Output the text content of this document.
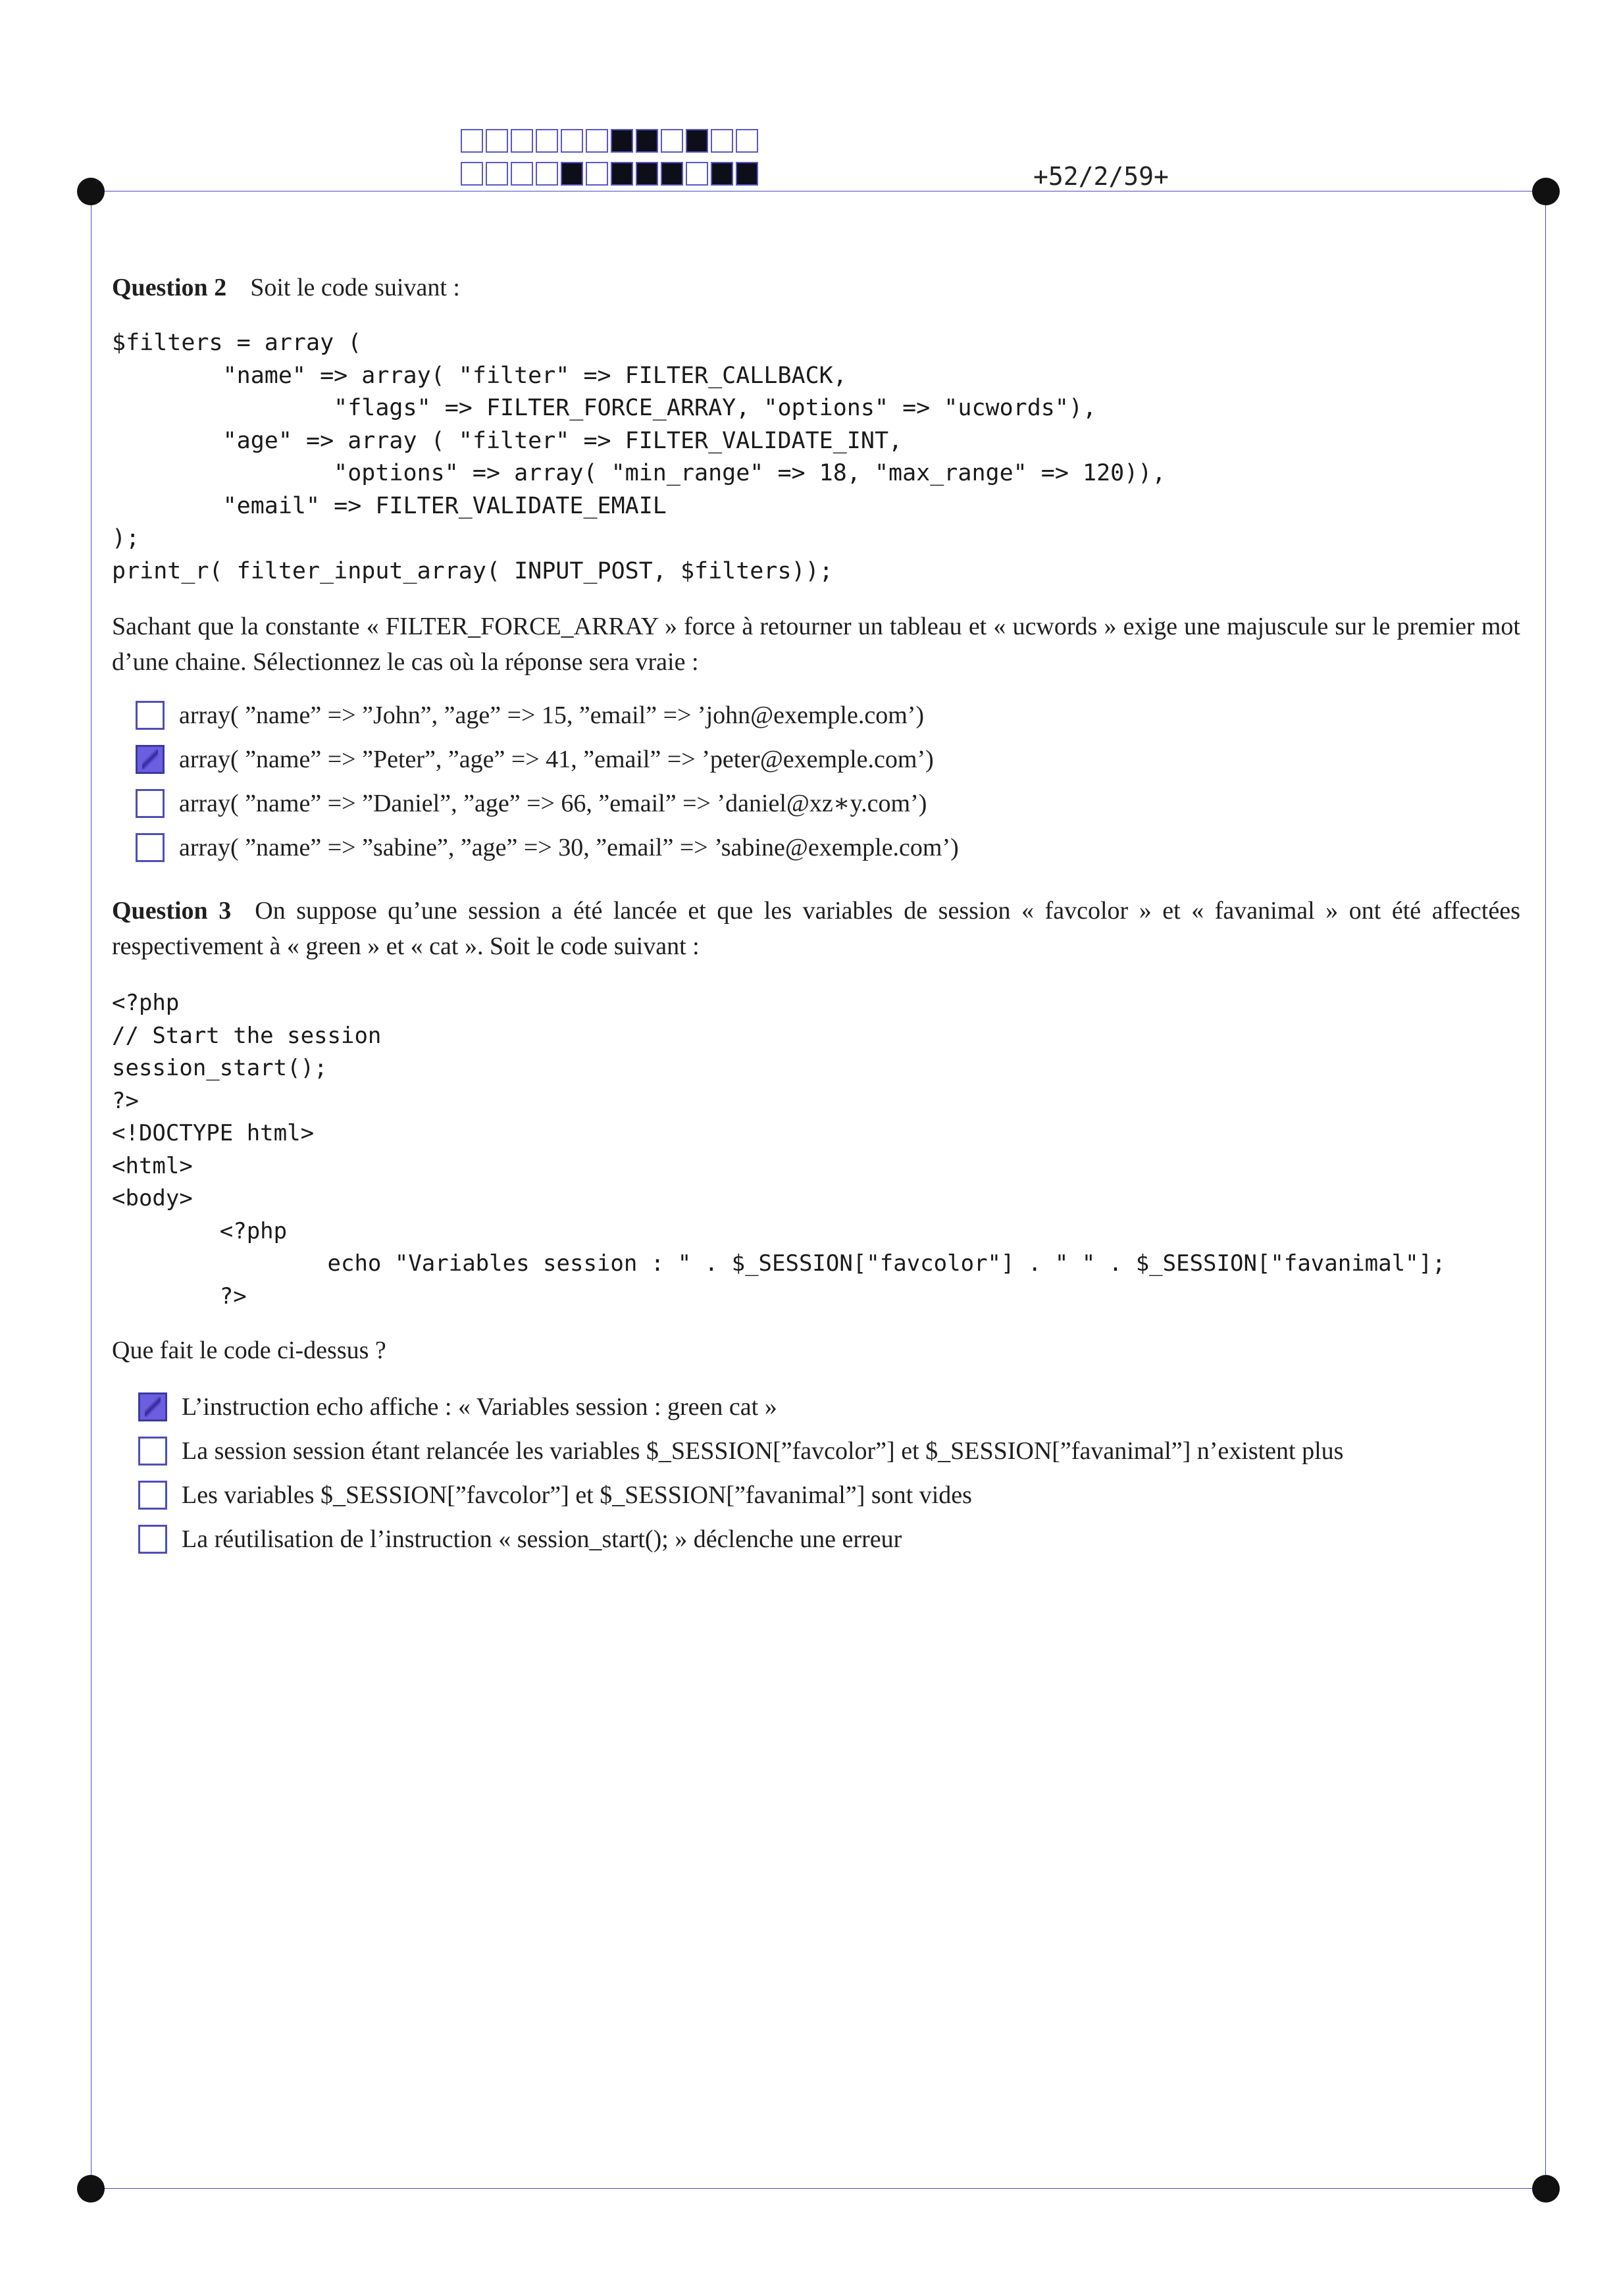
+52/2/59+
Question 2 Soit le code suivant :
$filters = array (
"name" => array( "filter" => FILTER_CALLBACK,
"flags" => FILTER_FORCE_ARRAY, "options" => "ucwords"),
"age" => array ( "filter" => FILTER_VALIDATE_INT,
"options" => array( "min_range" => 18, "max_range" => 120)),
"email" => FILTER_VALIDATE_EMAIL
);
print_r( filter_input_array( INPUT_POST, $filters));
Sachant que la constante « FILTER_FORCE_ARRAY » force à retourner un tableau et « ucwords » exige une majuscule sur le premier mot d’une chaine. Sélectionnez le cas où la réponse sera vraie :
array( ”name” => ”John”, ”age” => 15, ”email” => ’john@exemple.com’)
array( ”name” => ”Peter”, ”age” => 41, ”email” => ’peter@exemple.com’)
array( ”name” => ”Daniel”, ”age” => 66, ”email” => ’daniel@xz∗y.com’)
array( ”name” => ”sabine”, ”age” => 30, ”email” => ’sabine@exemple.com’)
Question 3 On suppose qu’une session a été lancée et que les variables de session « favcolor » et « favanimal » ont été affectées respectivement à « green » et « cat ». Soit le code suivant :
<?php
// Start the session
session_start();
?>
<!DOCTYPE html>
<html>
<body>
<?php
echo "Variables session : " . $_SESSION["favcolor"] . " " . $_SESSION["favanimal"];
?>
Que fait le code ci-dessus ?
L’instruction echo affiche : « Variables session : green cat »
La session session étant relancée les variables $_SESSION[”favcolor”] et $_SESSION[”favanimal”] n’existent plus
Les variables $_SESSION[”favcolor”] et $_SESSION[”favanimal”] sont vides
La réutilisation de l’instruction « session_start(); » déclenche une erreur
